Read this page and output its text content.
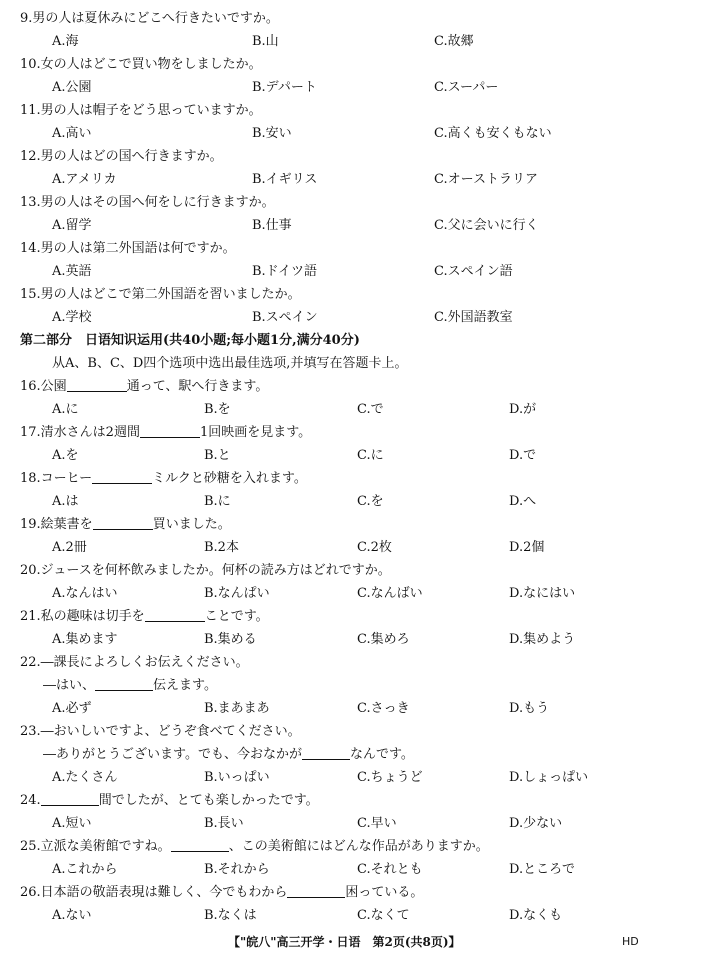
9.男の人は夏休みにどこへ行きたいですか。
A.海	B.山	C.故郷
10.女の人はどこで買い物をしましたか。
A.公園	B.デパート	C.スーパー
11.男の人は帽子をどう思っていますか。
A.高い	B.安い	C.高くも安くもない
12.男の人はどの国へ行きますか。
A.アメリカ	B.イギリス	C.オーストラリア
13.男の人はその国へ何をしに行きますか。
A.留学	B.仕事	C.父に会いに行く
14.男の人は第二外国語は何ですか。
A.英語	B.ドイツ語	C.スペイン語
15.男の人はどこで第二外国語を習いましたか。
A.学校	B.スペイン	C.外国語教室
第二部分　日语知识运用(共40小题;每小题1分,满分40分)
从A、B、C、D四个选项中选出最佳选项,并填写在答题卡上。
16.公園	通って、駅へ行きます。
A.に	B.を	C.で	D.が
17.清水さんは2週間	1回映画を見ます。
A.を	B.と	C.に	D.で
18.コーヒー	ミルクと砂糖を入れます。
A.は	B.に	C.を	D.へ
19.絵葉書を	買いました。
A.2冊	B.2本	C.2枚	D.2個
20.ジュースを何杯飲みましたか。何杯の読み方はどれですか。
A.なんはい	B.なんぱい	C.なんばい	D.なにはい
21.私の趣味は切手を	ことです。
A.集めます	B.集める	C.集めろ	D.集めよう
22.―課長によろしくお伝えください。
―はい、	伝えます。
A.必ず	B.まあまあ	C.さっき	D.もう
23.―おいしいですよ、どうぞ食べてください。
―ありがとうございます。でも、今おなかが	なんです。
A.たくさん	B.いっぱい	C.ちょうど	D.しょっぱい
24.	間でしたが、とても楽しかったです。
A.短い	B.長い	C.早い	D.少ない
25.立派な美術館ですね。	、この美術館にはどんな作品がありますか。
A.これから	B.それから	C.それとも	D.ところで
26.日本語の敬語表現は難しく、今でもわから	困っている。
A.ない	B.なくは	C.なくて	D.なくも
【"皖八"高三开学・日语　第2页(共8页)】	HD
